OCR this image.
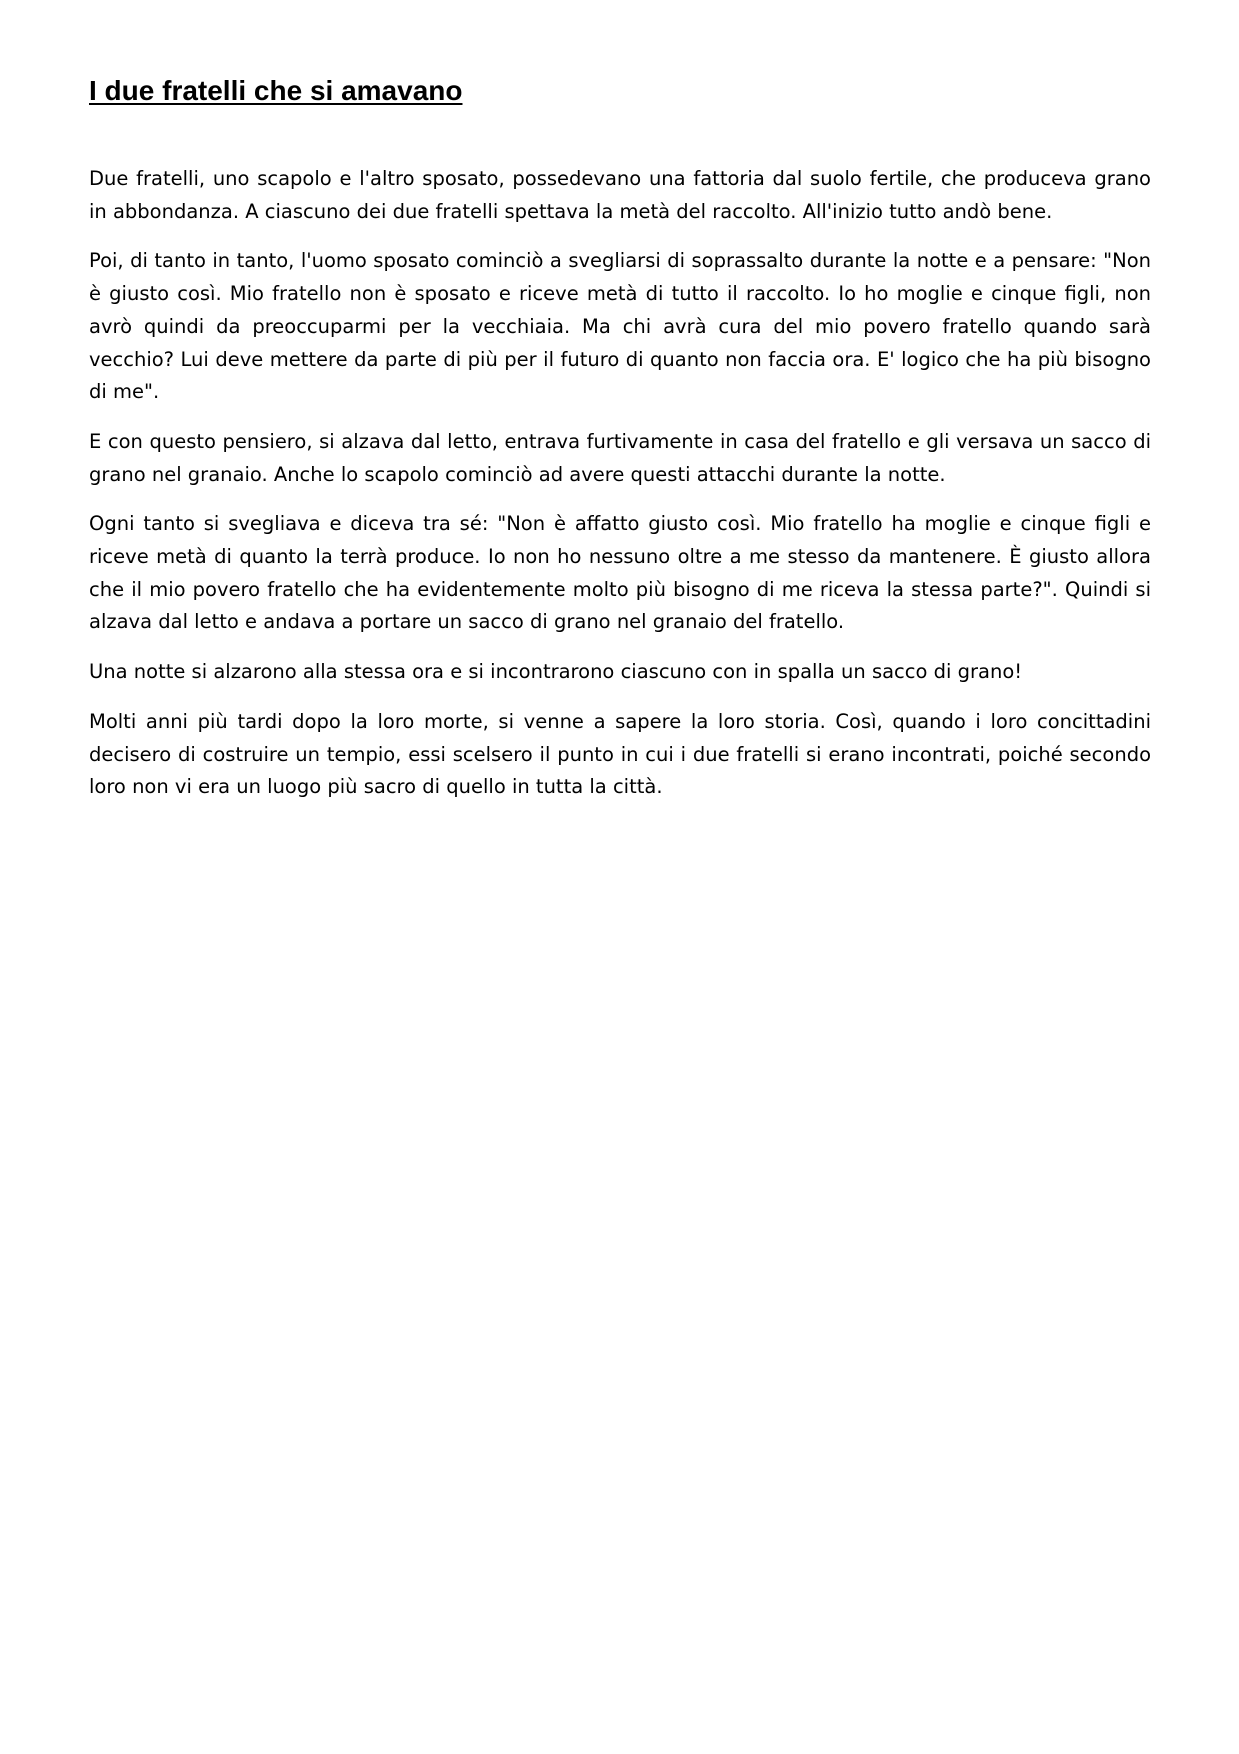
I due fratelli che si amavano

Due fratelli, uno scapolo e l'altro sposato, possedevano una fattoria dal suolo fertile, che produceva grano in abbondanza. A ciascuno dei due fratelli spettava la metà del raccolto. All'inizio tutto andò bene.

Poi, di tanto in tanto, l'uomo sposato cominciò a svegliarsi di soprassalto durante la notte e a pensare: "Non è giusto così. Mio fratello non è sposato e riceve metà di tutto il raccolto. Io ho moglie e cinque figli, non avrò quindi da preoccuparmi per la vecchiaia. Ma chi avrà cura del mio povero fratello quando sarà vecchio? Lui deve mettere da parte di più per il futuro di quanto non faccia ora. E' logico che ha più bisogno di me".

E con questo pensiero, si alzava dal letto, entrava furtivamente in casa del fratello e gli versava un sacco di grano nel granaio. Anche lo scapolo cominciò ad avere questi attacchi durante la notte.

Ogni tanto si svegliava e diceva tra sé: "Non è affatto giusto così. Mio fratello ha moglie e cinque figli e riceve metà di quanto la terrà produce. Io non ho nessuno oltre a me stesso da mantenere. È giusto allora che il mio povero fratello che ha evidentemente molto più bisogno di me riceva la stessa parte?". Quindi si alzava dal letto e andava a portare un sacco di grano nel granaio del fratello.

Una notte si alzarono alla stessa ora e si incontrarono ciascuno con in spalla un sacco di grano!

Molti anni più tardi dopo la loro morte, si venne a sapere la loro storia. Così, quando i loro concittadini decisero di costruire un tempio, essi scelsero il punto in cui i due fratelli si erano incontrati, poiché secondo loro non vi era un luogo più sacro di quello in tutta la città.
